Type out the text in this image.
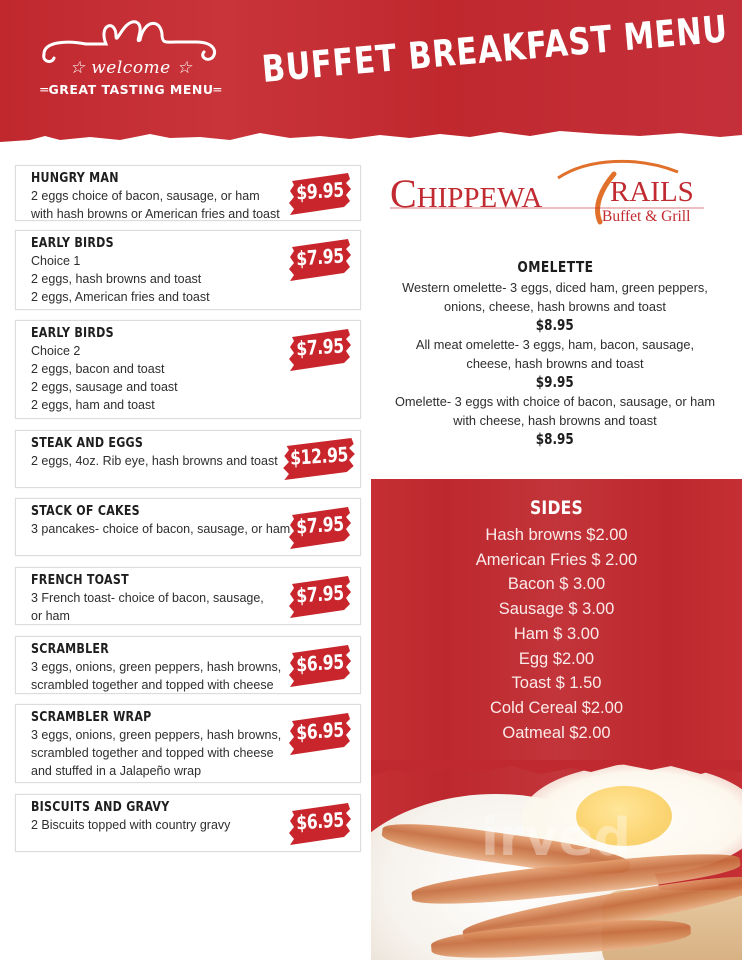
☆ welcome ☆
═GREAT TASTING MENU═	BUFFET BREAKFAST MENU
HUNGRY MAN
2 eggs choice of bacon, sausage, or ham
with hash browns or American fries and toast
$9.95
EARLY BIRDS
Choice 1
2 eggs, hash browns and toast
2 eggs, American fries and toast
$7.95
EARLY BIRDS
Choice 2
2 eggs, bacon and toast
2 eggs, sausage and toast
2 eggs, ham and toast
$7.95
STEAK AND EGGS
2 eggs, 4oz. Rib eye, hash browns and toast $12.95
STACK OF CAKES
3 pancakes- choice of bacon, sausage, or ham $7.95
FRENCH TOAST
3 French toast- choice of bacon, sausage,
or ham
$7.95
SCRAMBLER
3 eggs, onions, green peppers, hash browns,
scrambled together and topped with cheese
$6.95
SCRAMBLER WRAP
3 eggs, onions, green peppers, hash browns,
scrambled together and topped with cheese
and stuffed in a Jalapeño wrap
$6.95
BISCUITS AND GRAVY
2 Biscuits topped with country gravy	$6.95
CHIPPEWA RAILS
Buffet & Grill
OMELETTE
Western omelette- 3 eggs, diced ham, green peppers,
onions, cheese, hash browns and toast
$8.95
All meat omelette- 3 eggs, ham, bacon, sausage,
cheese, hash browns and toast
$9.95
Omelette- 3 eggs with choice of bacon, sausage, or ham
with cheese, hash browns and toast
$8.95
SIDES
Hash browns $2.00
American Fries $ 2.00
Bacon $ 3.00
Sausage $ 3.00
Ham $ 3.00
Egg $2.00
Toast $ 1.50
Cold Cereal $2.00
Oatmeal $2.00
irved
